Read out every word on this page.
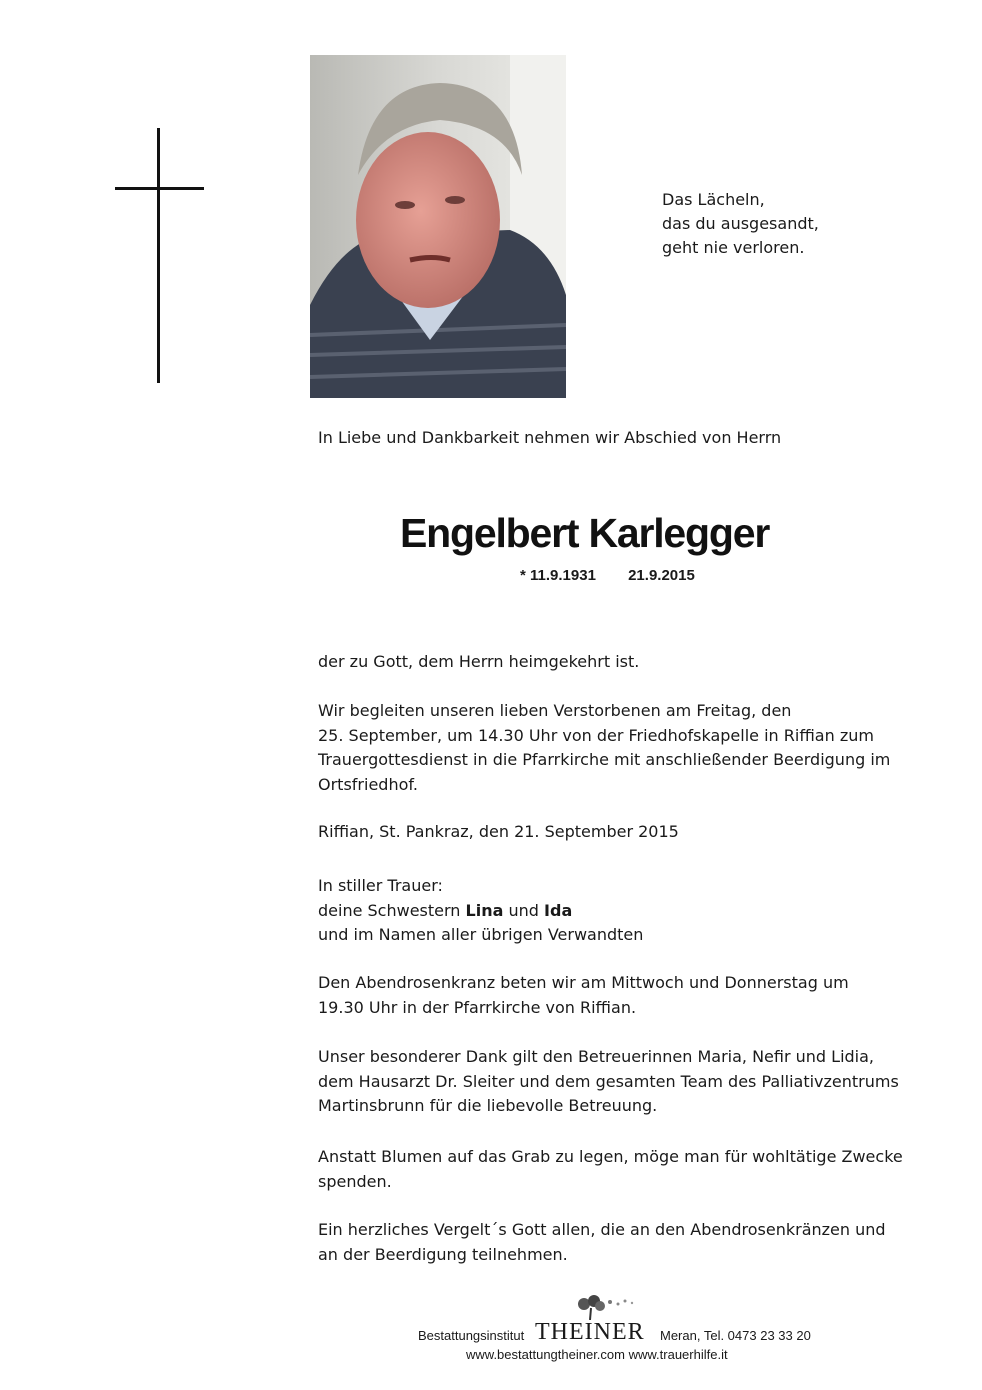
Das Lächeln,
das du ausgesandt,
geht nie verloren.
In Liebe und Dankbarkeit nehmen wir Abschied von Herrn
Engelbert Karlegger
* 11.9.1931 21.9.2015
der zu Gott, dem Herrn heimgekehrt ist.
Wir begleiten unseren lieben Verstorbenen am Freitag, den
25. September, um 14.30 Uhr von der Friedhofskapelle in Riffian zum
Trauergottesdienst in die Pfarrkirche mit anschließender Beerdigung im
Ortsfriedhof.
Riffian, St. Pankraz, den 21. September 2015
In stiller Trauer:
deine Schwestern Lina und Ida
und im Namen aller übrigen Verwandten
Den Abendrosenkranz beten wir am Mittwoch und Donnerstag um
19.30 Uhr in der Pfarrkirche von Riffian.
Unser besonderer Dank gilt den Betreuerinnen Maria, Nefir und Lidia,
dem Hausarzt Dr. Sleiter und dem gesamten Team des Palliativzentrums
Martinsbrunn für die liebevolle Betreuung.
Anstatt Blumen auf das Grab zu legen, möge man für wohltätige Zwecke
spenden.
Ein herzliches Vergelt´s Gott allen, die an den Abendrosenkränzen und
an der Beerdigung teilnehmen.
Bestattungsinstitut THEINER Meran, Tel. 0473 23 33 20
www.bestattungtheiner.com www.trauerhilfe.it
